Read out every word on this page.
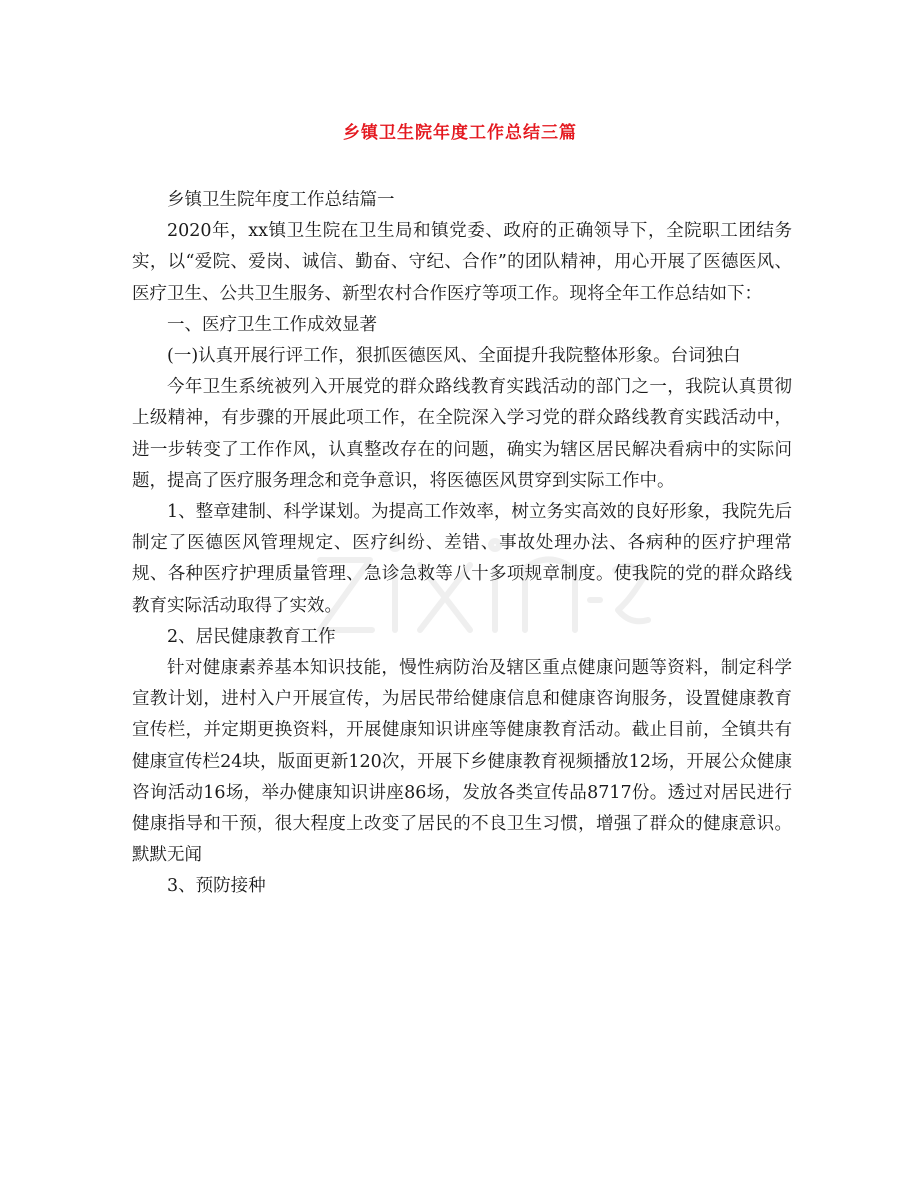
乡镇卫生院年度工作总结三篇

乡镇卫生院年度工作总结篇一

2020年，xx镇卫生院在卫生局和镇党委、政府的正确领导下，全院职工团结务实，以“爱院、爱岗、诚信、勤奋、守纪、合作”的团队精神，用心开展了医德医风、医疗卫生、公共卫生服务、新型农村合作医疗等项工作。现将全年工作总结如下：

一、医疗卫生工作成效显著

(一)认真开展行评工作，狠抓医德医风、全面提升我院整体形象。台词独白

今年卫生系统被列入开展党的群众路线教育实践活动的部门之一，我院认真贯彻上级精神，有步骤的开展此项工作，在全院深入学习党的群众路线教育实践活动中，进一步转变了工作作风，认真整改存在的问题，确实为辖区居民解决看病中的实际问题，提高了医疗服务理念和竞争意识，将医德医风贯穿到实际工作中。

1、整章建制、科学谋划。为提高工作效率，树立务实高效的良好形象，我院先后制定了医德医风管理规定、医疗纠纷、差错、事故处理办法、各病种的医疗护理常规、各种医疗护理质量管理、急诊急救等八十多项规章制度。使我院的党的群众路线教育实际活动取得了实效。

2、居民健康教育工作

针对健康素养基本知识技能，慢性病防治及辖区重点健康问题等资料，制定科学宣教计划，进村入户开展宣传，为居民带给健康信息和健康咨询服务，设置健康教育宣传栏，并定期更换资料，开展健康知识讲座等健康教育活动。截止目前，全镇共有健康宣传栏24块，版面更新120次，开展下乡健康教育视频播放12场，开展公众健康咨询活动16场，举办健康知识讲座86场，发放各类宣传品8717份。透过对居民进行健康指导和干预，很大程度上改变了居民的不良卫生习惯，增强了群众的健康意识。默默无闻

3、预防接种
